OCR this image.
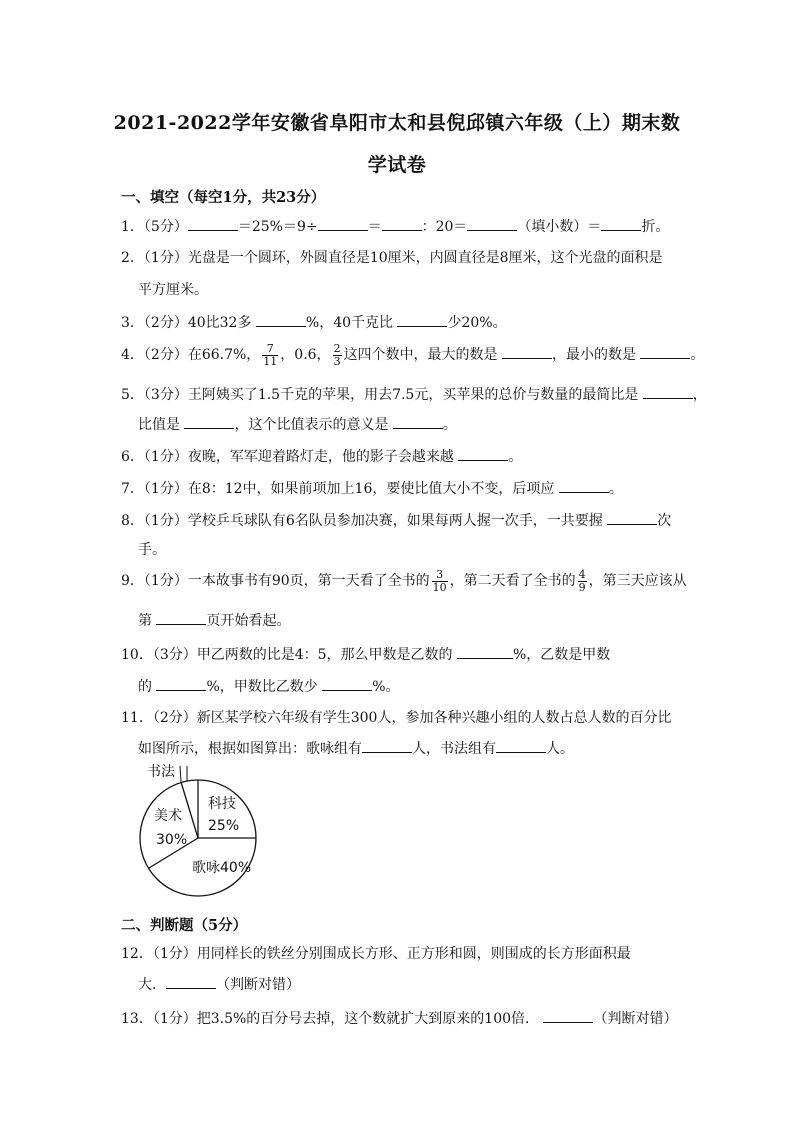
2021-2022学年安徽省阜阳市太和县倪邱镇六年级（上）期末数
学试卷
一、填空（每空1分，共23分）
1．（5分）	＝25%＝9÷	＝	：20＝	（填小数）＝	折。
2．（1分）光盘是一个圆环，外圆直径是10厘米，内圆直径是8厘米，这个光盘的面积是
平方厘米。
3．（2分）40比32多	%，40千克比	少20%。
4．（2分）在66.7%， $\frac{7}{11}$ ，0.6， $\frac{2}{3}$ 这四个数中，最大的数是	，最小的数是	。
5．（3分）王阿姨买了1.5千克的苹果，用去7.5元，买苹果的总价与数量的最简比是	，
比值是	，这个比值表示的意义是	。
6．（1分）夜晚，军军迎着路灯走，他的影子会越来越	。
7．（1分）在8：12中，如果前项加上16，要使比值大小不变，后项应	。
8．（1分）学校乒乓球队有6名队员参加决赛，如果每两人握一次手，一共要握	次
手。
9．（1分）一本故事书有90页，第一天看了全书的 $\frac{3}{10}$ ，第二天看了全书的 $\frac{4}{9}$ ，第三天应该从
第	页开始看起。
10．（3分）甲乙两数的比是4：5，那么甲数是乙数的	%，乙数是甲数
的	%，甲数比乙数少	%。
11．（2分）新区某学校六年级有学生300人，参加各种兴趣小组的人数占总人数的百分比
如图所示，根据如图算出：歌咏组有	人，书法组有	人。
书法
科技
25%
美术
30%
歌咏40%
二、判断题（5分）
12．（1分）用同样长的铁丝分别围成长方形、正方形和圆，则围成的长方形面积最
大．	（判断对错）
13．（1分）把3.5%的百分号去掉，这个数就扩大到原来的100倍．	（判断对错）
